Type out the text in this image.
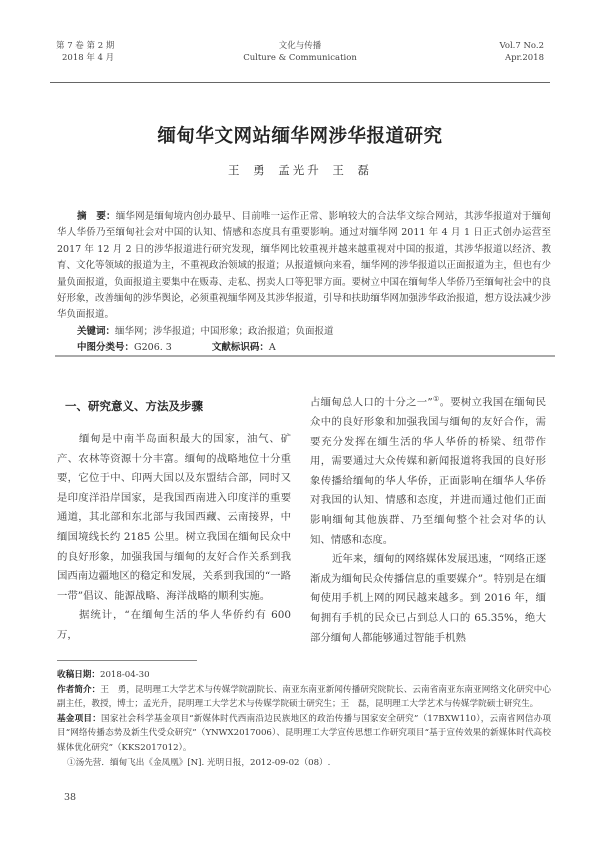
第 7 卷 第 2 期
2018 年 4 月
文化与传播
Culture & Communication
Vol.7 No.2
Apr.2018
缅甸华文网站缅华网涉华报道研究
王 勇 孟光升 王 磊

摘　要：缅华网是缅甸境内创办最早、目前唯一运作正常、影响较大的合法华文综合网站，其涉华报道对于缅甸华人华侨乃至缅甸社会对中国的认知、情感和态度具有重要影响。通过对缅华网 2011 年 4 月 1 日正式创办运营至 2017 年 12 月 2 日的涉华报道进行研究发现，缅华网比较重视并越来越重视对中国的报道，其涉华报道以经济、教育、文化等领域的报道为主，不重视政治领域的报道；从报道倾向来看，缅华网的涉华报道以正面报道为主，但也有少量负面报道，负面报道主要集中在贩毒、走私、拐卖人口等犯罪方面。要树立中国在缅甸华人华侨乃至缅甸社会中的良好形象，改善缅甸的涉华舆论，必须重视缅华网及其涉华报道，引导和扶助缅华网加强涉华政治报道，想方设法减少涉华负面报道。

关键词：缅华网；涉华报道；中国形象；政治报道；负面报道
中图分类号：G206. 3	文献标识码：A
一、研究意义、方法及步骤

缅甸是中南半岛面积最大的国家，油气、矿产、农林等资源十分丰富。缅甸的战略地位十分重要，它位于中、印两大国以及东盟结合部，同时又是印度洋沿岸国家，是我国西南进入印度洋的重要通道，其北部和东北部与我国西藏、云南接界，中缅国境线长约 2185 公里。树立我国在缅甸民众中的良好形象，加强我国与缅甸的友好合作关系到我国西南边疆地区的稳定和发展，关系到我国的“一路一带”倡议、能源战略、海洋战略的顺利实施。

据统计，“在缅甸生活的华人华侨约有 600 万，

占缅甸总人口的十分之一”①。要树立我国在缅甸民众中的良好形象和加强我国与缅甸的友好合作，需要充分发挥在缅生活的华人华侨的桥梁、纽带作用，需要通过大众传媒和新闻报道将我国的良好形象传播给缅甸的华人华侨，正面影响在缅华人华侨对我国的认知、情感和态度，并进而通过他们正面影响缅甸其他族群、乃至缅甸整个社会对华的认知、情感和态度。

近年来，缅甸的网络媒体发展迅速，“网络正逐渐成为缅甸民众传播信息的重要媒介”。特别是在缅甸使用手机上网的网民越来越多。到 2016 年，缅甸拥有手机的民众已占到总人口的 65.35%，绝大部分缅甸人都能够通过智能手机熟

收稿日期：2018-04-30
作者简介：王　勇，昆明理工大学艺术与传媒学院副院长、南亚东南亚新闻传播研究院院长、云南省南亚东南亚网络文化研究中心副主任，教授，博士；孟光升，昆明理工大学艺术与传媒学院硕士研究生；王　磊，昆明理工大学艺术与传媒学院硕士研究生。
基金项目：国家社会科学基金项目“新媒体时代西南沿边民族地区的政治传播与国家安全研究”（17BXW110），云南省网信办项目“网络传播态势及新生代受众研究”（YNWX2017006）、昆明理工大学宣传思想工作研究项目“基于宣传效果的新媒体时代高校媒体优化研究”（KKS2017012）。
①汤先营．缅甸飞出《金凤凰》[N]. 光明日报，2012-09-02（08）.
38
